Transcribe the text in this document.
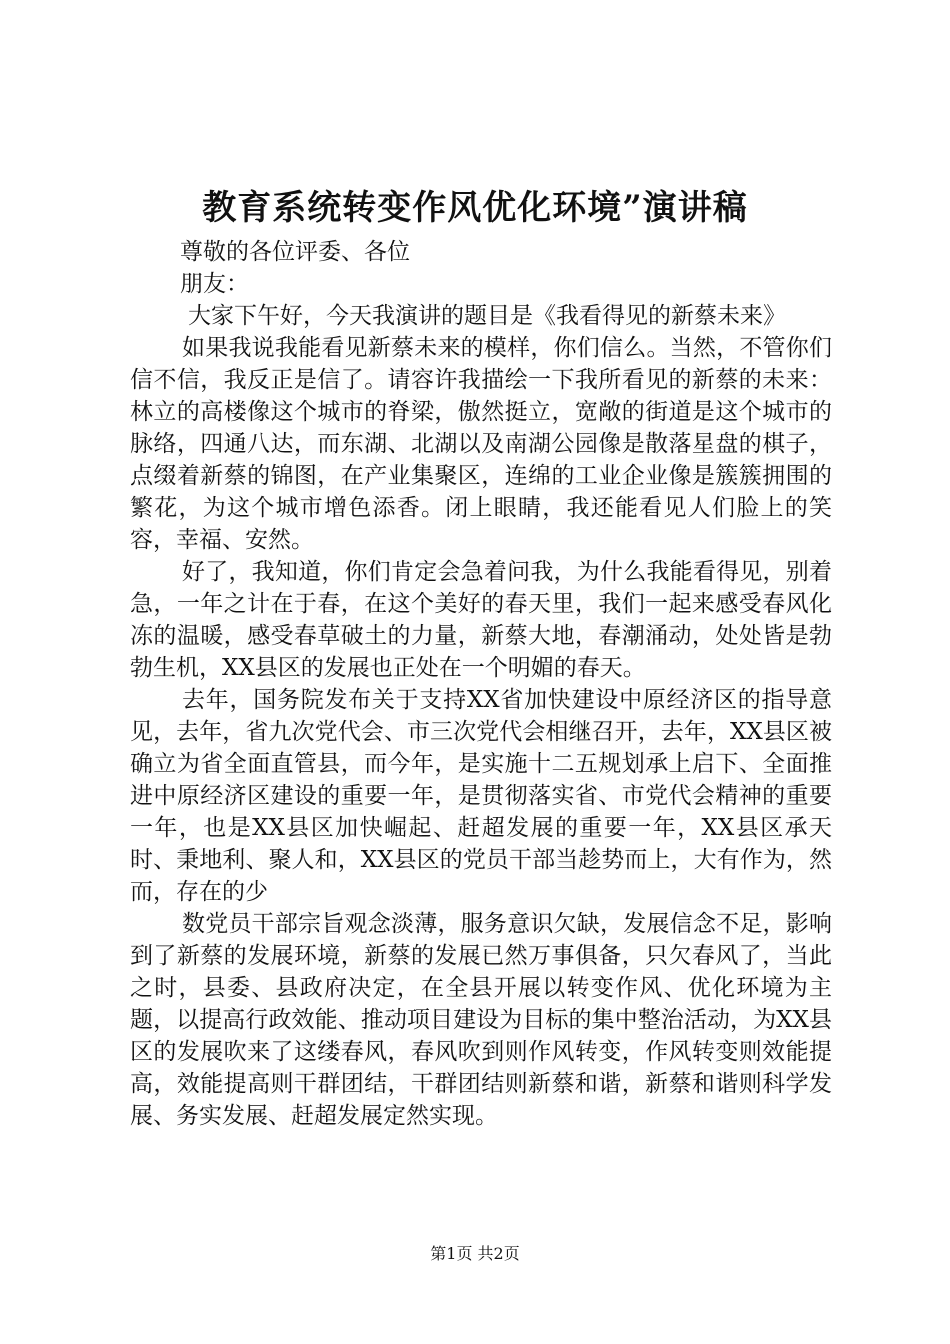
教育系统转变作风优化环境”演讲稿

尊敬的各位评委、各位

朋友：

大家下午好，今天我演讲的题目是《我看得见的新蔡未来》

如果我说我能看见新蔡未来的模样，你们信么。当然，不管你们信不信，我反正是信了。请容许我描绘一下我所看见的新蔡的未来：林立的高楼像这个城市的脊梁，傲然挺立，宽敞的街道是这个城市的脉络，四通八达，而东湖、北湖以及南湖公园像是散落星盘的棋子，点缀着新蔡的锦图，在产业集聚区，连绵的工业企业像是簇簇拥围的繁花，为这个城市增色添香。闭上眼睛，我还能看见人们脸上的笑容，幸福、安然。

好了，我知道，你们肯定会急着问我，为什么我能看得见，别着急，一年之计在于春，在这个美好的春天里，我们一起来感受春风化冻的温暖，感受春草破土的力量，新蔡大地，春潮涌动，处处皆是勃勃生机，XX县区的发展也正处在一个明媚的春天。

去年，国务院发布关于支持XX省加快建设中原经济区的指导意见，去年，省九次党代会、市三次党代会相继召开，去年，XX县区被确立为省全面直管县，而今年，是实施十二五规划承上启下、全面推进中原经济区建设的重要一年，是贯彻落实省、市党代会精神的重要一年，也是XX县区加快崛起、赶超发展的重要一年，XX县区承天时、秉地利、聚人和，XX县区的党员干部当趁势而上，大有作为，然而，存在的少

数党员干部宗旨观念淡薄，服务意识欠缺，发展信念不足，影响到了新蔡的发展环境，新蔡的发展已然万事俱备，只欠春风了，当此之时，县委、县政府决定，在全县开展以转变作风、优化环境为主题，以提高行政效能、推动项目建设为目标的集中整治活动，为XX县区的发展吹来了这缕春风，春风吹到则作风转变，作风转变则效能提高，效能提高则干群团结，干群团结则新蔡和谐，新蔡和谐则科学发展、务实发展、赶超发展定然实现。

第1页 共2页
